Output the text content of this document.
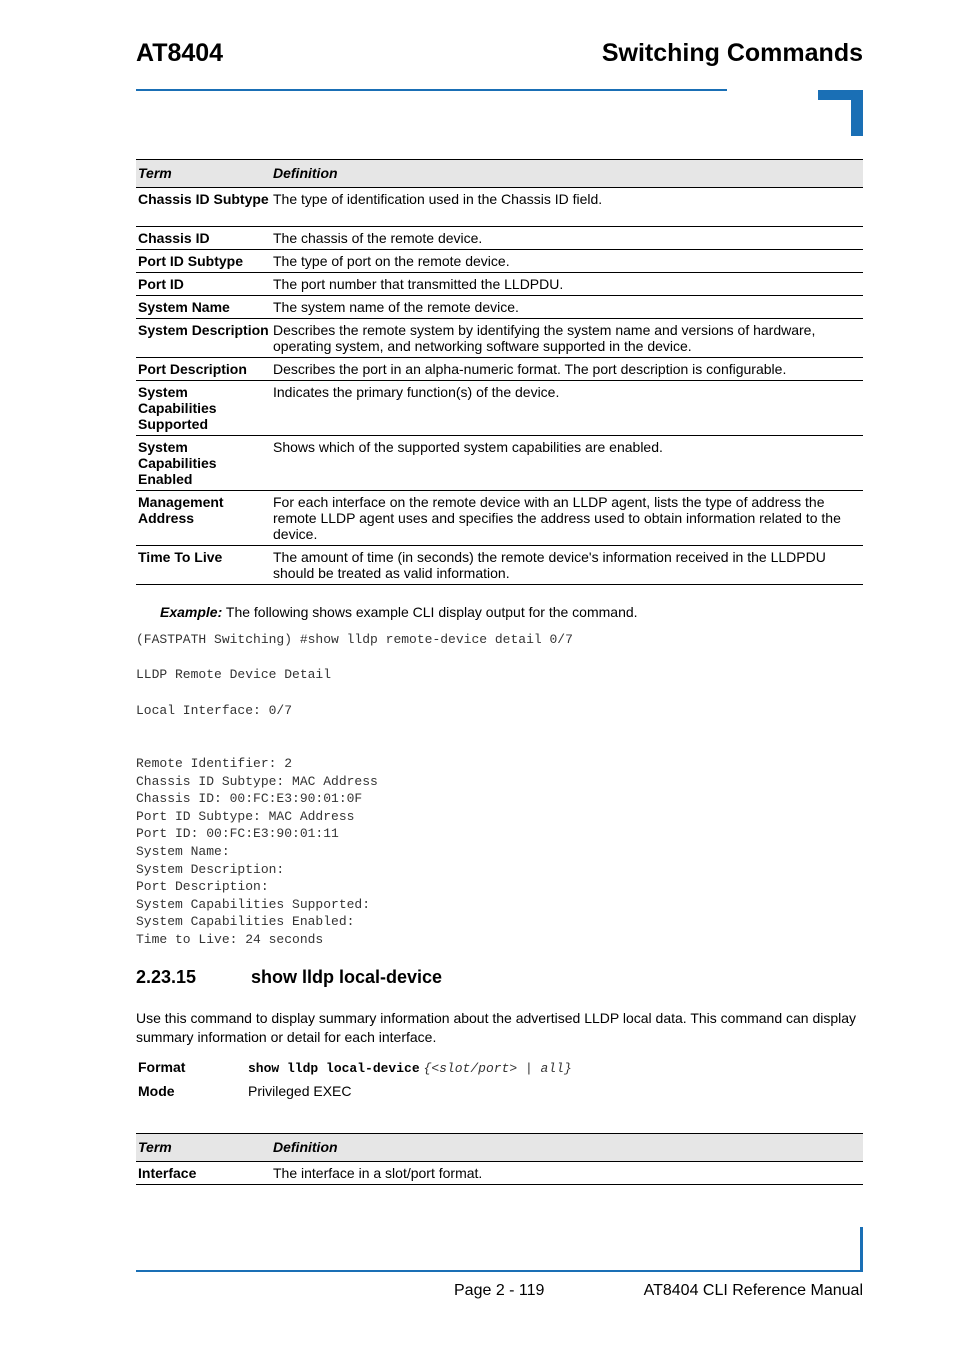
AT8404	Switching Commands
Term	Definition
Chassis ID Subtype	The type of identification used in the Chassis ID field.
Chassis ID	The chassis of the remote device.
Port ID Subtype	The type of port on the remote device.
Port ID	The port number that transmitted the LLDPDU.
System Name	The system name of the remote device.
System Description	Describes the remote system by identifying the system name and versions of hardware, operating system, and networking software supported in the device.
Port Description	Describes the port in an alpha-numeric format. The port description is configurable.
System Capabilities Supported	Indicates the primary function(s) of the device.
System Capabilities Enabled	Shows which of the supported system capabilities are enabled.
Management Address	For each interface on the remote device with an LLDP agent, lists the type of address the remote LLDP agent uses and specifies the address used to obtain information related to the device.
Time To Live	The amount of time (in seconds) the remote device's information received in the LLDPDU should be treated as valid information.
Example: The following shows example CLI display output for the command.
(FASTPATH Switching) #show lldp remote-device detail 0/7
LLDP Remote Device Detail
Local Interface: 0/7
Remote Identifier: 2
Chassis ID Subtype: MAC Address
Chassis ID: 00:FC:E3:90:01:0F
Port ID Subtype: MAC Address
Port ID: 00:FC:E3:90:01:11
System Name:
System Description:
Port Description:
System Capabilities Supported:
System Capabilities Enabled:
Time to Live: 24 seconds
2.23.15	show lldp local-device
Use this command to display summary information about the advertised LLDP local data. This command can display summary information or detail for each interface.
Format	show lldp local-device {<slot/port> | all}
Mode	Privileged EXEC
Term	Definition
Interface	The interface in a slot/port format.
Page 2 - 119	AT8404 CLI Reference Manual
